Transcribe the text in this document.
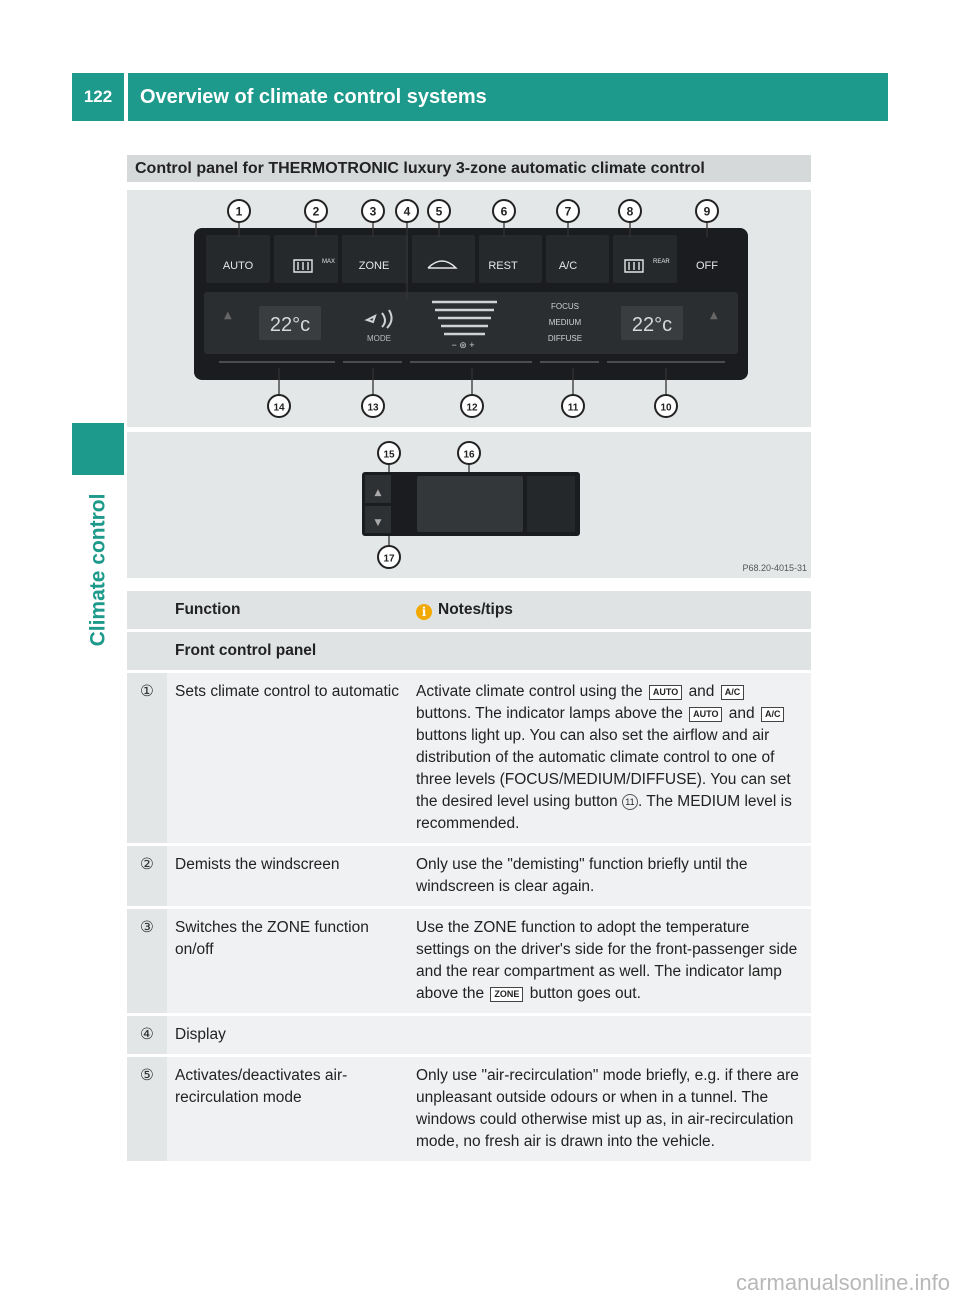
122	Overview of climate control systems
Climate control
Control panel for THERMOTRONIC luxury 3-zone automatic climate control
AUTO	ZONE	REST	A/C	OFF
MAX	REAR
22°c	22°c
MODE
− ⊛ +
FOCUS
MEDIUM
DIFFUSE
▲	▲
1	2	3 4 5	6	7	8	9
10
11
12
13
14
15	16
17
▲
▼
P68.20-4015-31
	Function	i Notes/tips
	Front control panel	
①	Sets climate control to automatic	Activate climate control using the AUTO and A/C buttons. The indicator lamps above the AUTO and A/C buttons light up. You can also set the airflow and air distribution of the automatic climate control to one of three levels (FOCUS/MEDIUM/DIFFUSE). You can set the desired level using button 11 . The MEDIUM level is recommended.
②	Demists the windscreen	Only use the "demisting" function briefly until the windscreen is clear again.
③	Switches the ZONE function on/off	Use the ZONE function to adopt the temperature settings on the driver's side for the front-passenger side and the rear compartment as well. The indicator lamp above the ZONE button goes out.
④	Display	
⑤	Activates/deactivates air-recirculation mode	Only use "air-recirculation" mode briefly, e.g. if there are unpleasant outside odours or when in a tunnel. The windows could otherwise mist up as, in air-recirculation mode, no fresh air is drawn into the vehicle.
carmanualsonline.info
